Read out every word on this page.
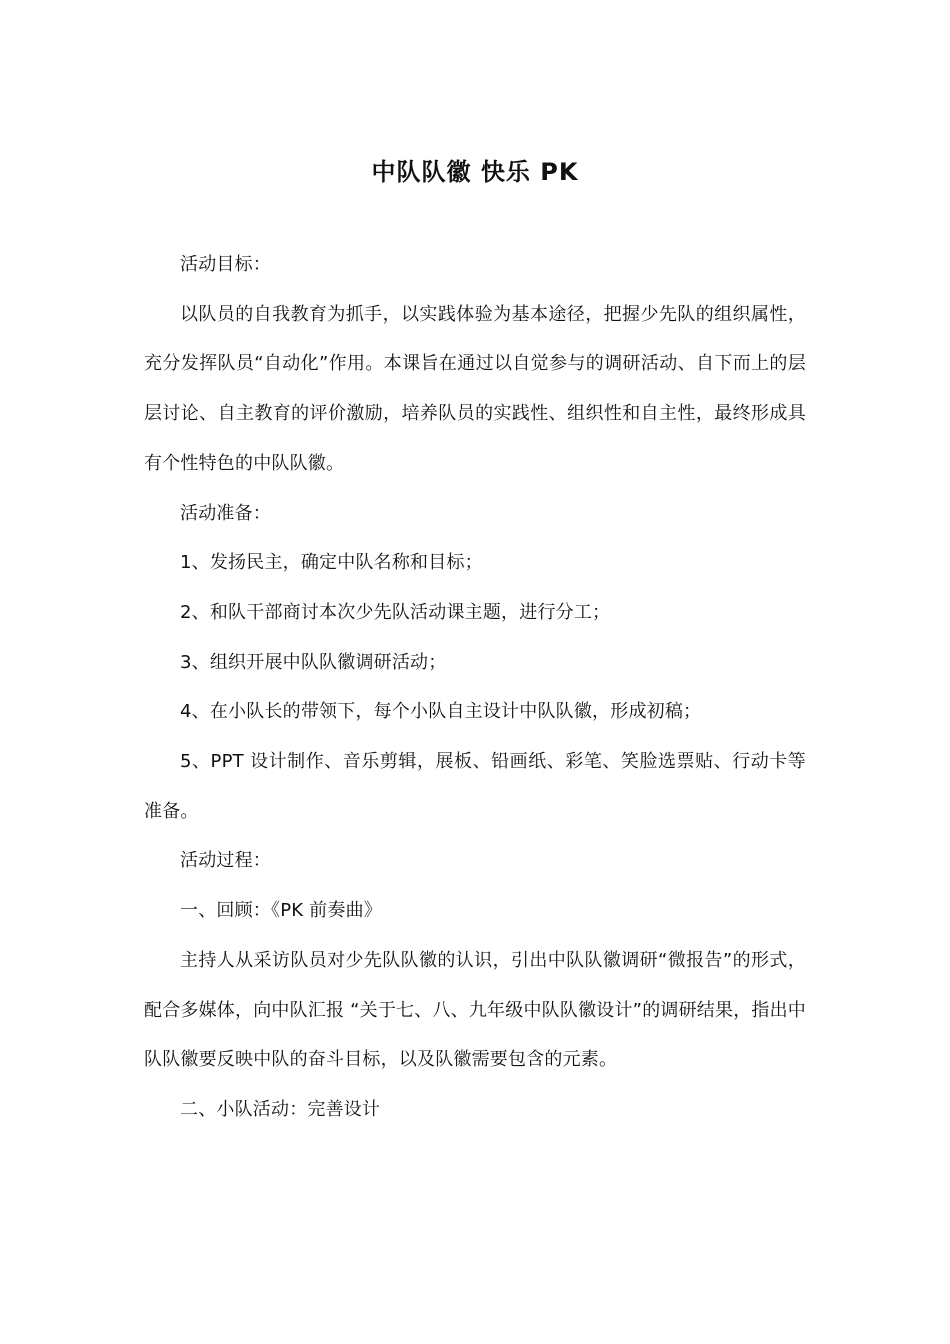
中队队徽 快乐 PK

活动目标：

以队员的自我教育为抓手，以实践体验为基本途径，把握少先队的组织属性，充分发挥队员“自动化”作用。本课旨在通过以自觉参与的调研活动、自下而上的层层讨论、自主教育的评价激励，培养队员的实践性、组织性和自主性，最终形成具有个性特色的中队队徽。

活动准备：

1、发扬民主，确定中队名称和目标；

2、和队干部商讨本次少先队活动课主题，进行分工；

3、组织开展中队队徽调研活动；

4、在小队长的带领下，每个小队自主设计中队队徽，形成初稿；

5、PPT 设计制作、音乐剪辑，展板、铅画纸、彩笔、笑脸选票贴、行动卡等准备。

活动过程：

一、回顾：《PK 前奏曲》

主持人从采访队员对少先队队徽的认识，引出中队队徽调研“微报告”的形式，配合多媒体，向中队汇报 “关于七、八、九年级中队队徽设计”的调研结果，指出中队队徽要反映中队的奋斗目标，以及队徽需要包含的元素。

二、小队活动：完善设计
